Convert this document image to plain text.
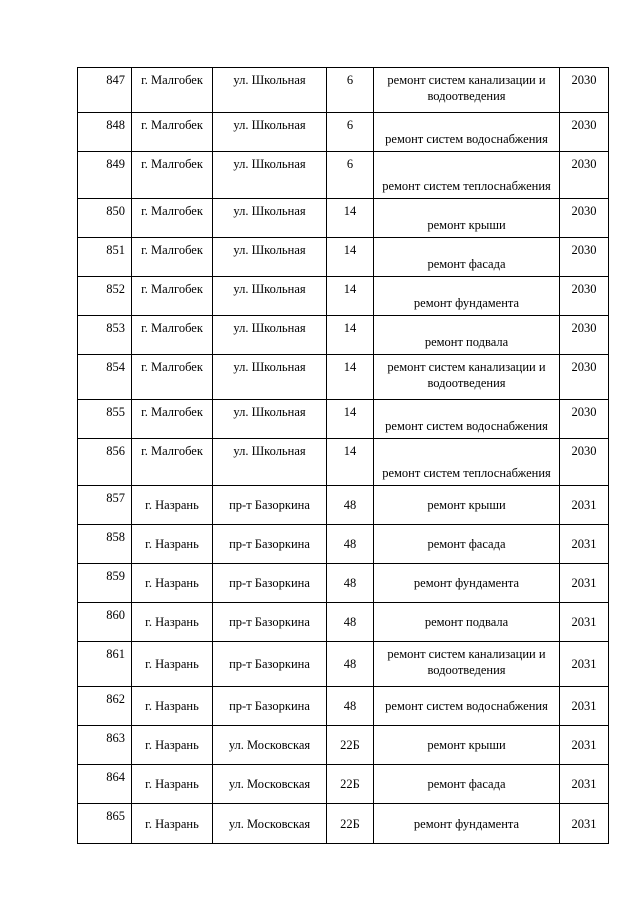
847	г. Малгобек	ул. Школьная	6	ремонт систем канализации и водоотведения	2030
848	г. Малгобек	ул. Школьная	6	ремонт систем водоснабжения	2030
849	г. Малгобек	ул. Школьная	6	ремонт систем теплоснабжения	2030
850	г. Малгобек	ул. Школьная	14	ремонт крыши	2030
851	г. Малгобек	ул. Школьная	14	ремонт фасада	2030
852	г. Малгобек	ул. Школьная	14	ремонт фундамента	2030
853	г. Малгобек	ул. Школьная	14	ремонт подвала	2030
854	г. Малгобек	ул. Школьная	14	ремонт систем канализации и водоотведения	2030
855	г. Малгобек	ул. Школьная	14	ремонт систем водоснабжения	2030
856	г. Малгобек	ул. Школьная	14	ремонт систем теплоснабжения	2030
857	г. Назрань	пр-т Базоркина	48	ремонт крыши	2031
858	г. Назрань	пр-т Базоркина	48	ремонт фасада	2031
859	г. Назрань	пр-т Базоркина	48	ремонт фундамента	2031
860	г. Назрань	пр-т Базоркина	48	ремонт подвала	2031
861	г. Назрань	пр-т Базоркина	48	ремонт систем канализации и водоотведения	2031
862	г. Назрань	пр-т Базоркина	48	ремонт систем водоснабжения	2031
863	г. Назрань	ул. Московская	22Б	ремонт крыши	2031
864	г. Назрань	ул. Московская	22Б	ремонт фасада	2031
865	г. Назрань	ул. Московская	22Б	ремонт фундамента	2031
